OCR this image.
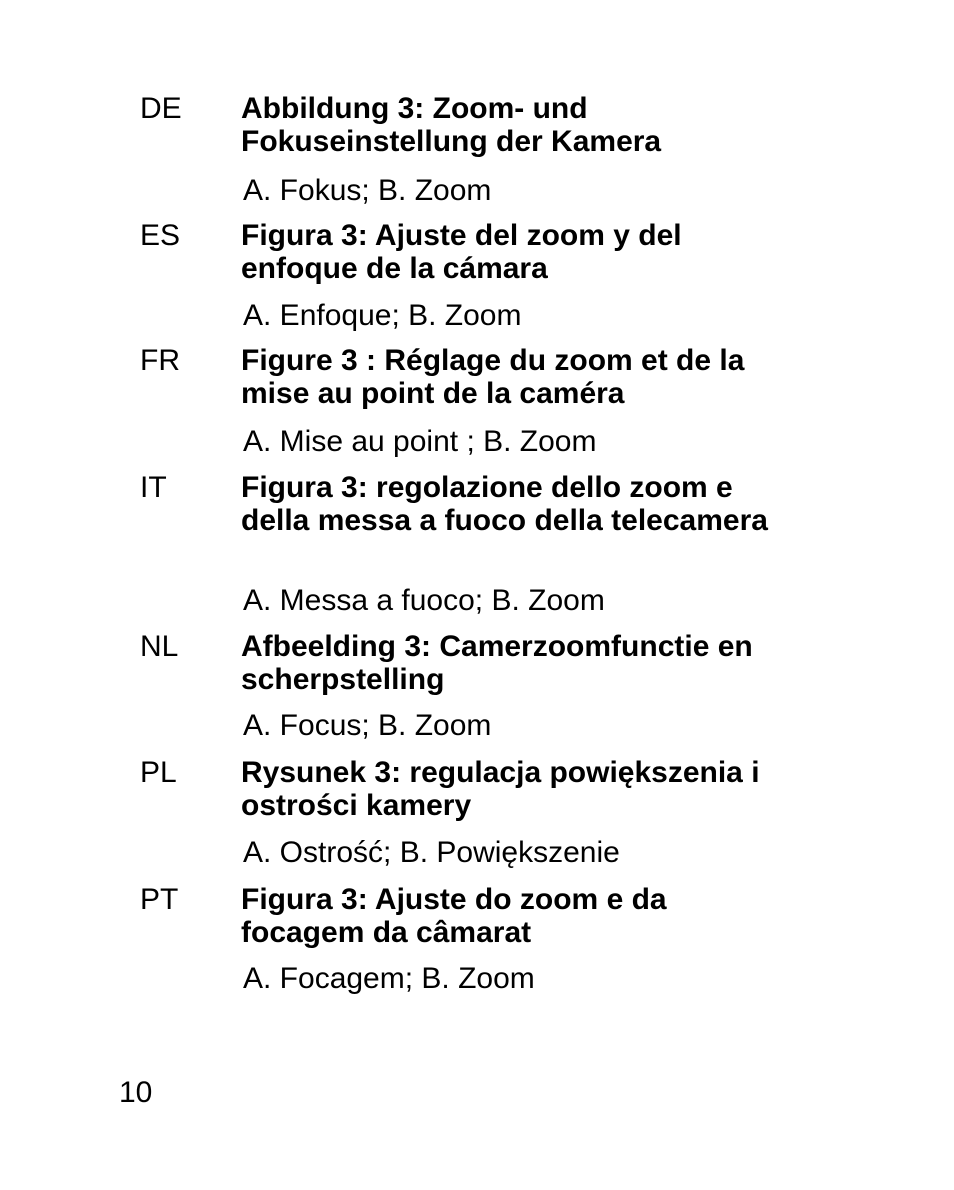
DE Abbildung 3: Zoom- und Fokuseinstellung der Kamera
A. Fokus; B. Zoom
ES Figura 3: Ajuste del zoom y del enfoque de la cámara
A. Enfoque; B. Zoom
FR Figure 3 : Réglage du zoom et de la mise au point de la caméra
A. Mise au point ; B. Zoom
IT Figura 3: regolazione dello zoom e della messa a fuoco della telecamera
A. Messa a fuoco; B. Zoom
NL Afbeelding 3: Camerzoomfunctie en scherpstelling
A. Focus; B. Zoom
PL Rysunek 3: regulacja powiększenia i ostrości kamery
A. Ostrość; B. Powiększenie
PT Figura 3: Ajuste do zoom e da focagem da câmarat
A. Focagem; B. Zoom
10
